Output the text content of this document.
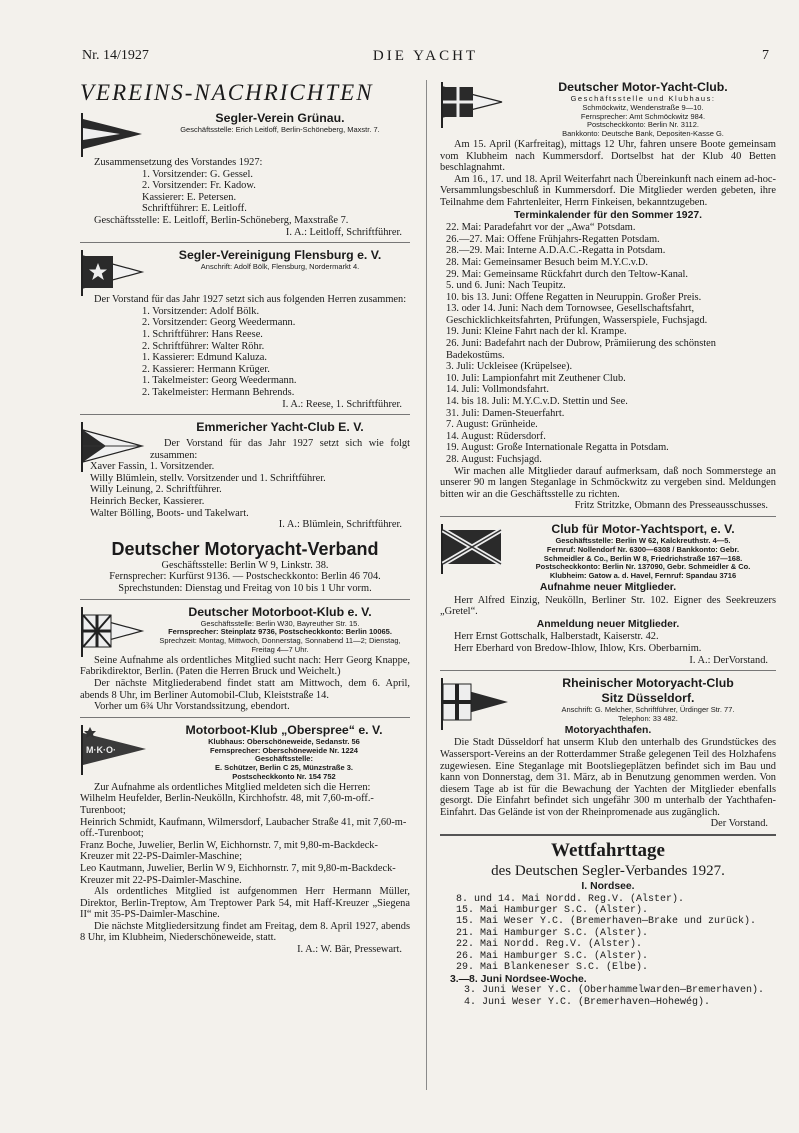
Nr. 14/1927	DIE YACHT	7
VEREINS-NACHRICHTEN
Segler-Verein Grünau.
Geschäftsstelle: Erich Leitloff, Berlin-Schöneberg, Maxstr. 7.

Zusammensetzung des Vorstandes 1927:

1. Vorsitzender: G. Gessel.
2. Vorsitzender: Fr. Kadow.
Kassierer: E. Petersen.
Schriftführer: E. Leitloff.

Geschäftsstelle: E. Leitloff, Berlin-Schöneberg, Maxstraße 7.

I. A.: Leitloff, Schriftführer.

Segler-Vereinigung Flensburg e. V.
Anschrift: Adolf Bölk, Flensburg, Nordermarkt 4.

Der Vorstand für das Jahr 1927 setzt sich aus folgenden Herren zusammen:

1. Vorsitzender: Adolf Bölk.
2. Vorsitzender: Georg Weedermann.
1. Schriftführer: Hans Reese.
2. Schriftführer: Walter Röhr.
1. Kassierer: Edmund Kaluza.
2. Kassierer: Hermann Krüger.
1. Takelmeister: Georg Weedermann.
2. Takelmeister: Hermann Behrends.

I. A.: Reese, 1. Schriftführer.

Emmericher Yacht-Club E. V.

Der Vorstand für das Jahr 1927 setzt sich wie folgt zusammen:

Xaver Fassin, 1. Vorsitzender.
Willy Blümlein, stellv. Vorsitzender und 1. Schriftführer.
Willy Leinung, 2. Schriftführer.
Heinrich Becker, Kassierer.
Walter Bölling, Boots- und Takelwart.

I. A.: Blümlein, Schriftführer.

Deutscher Motoryacht-Verband

Geschäftsstelle: Berlin W 9, Linkstr. 38.

Fernsprecher: Kurfürst 9136. — Postscheckkonto: Berlin 46 704.

Sprechstunden: Dienstag und Freitag von 10 bis 1 Uhr vorm.

Deutscher Motorboot-Klub e. V.
Geschäftsstelle: Berlin W30, Bayreuther Str. 15.
Fernsprecher: Steinplatz 9736, Postscheckkonto: Berlin 10065.
Sprechzeit: Montag, Mittwoch, Donnerstag, Sonnabend 11—2; Dienstag, Freitag 4—7 Uhr.

Seine Aufnahme als ordentliches Mitglied sucht nach: Herr Georg Knappe, Fabrikdirektor, Berlin. (Paten die Herren Bruck und Weichelt.)

Der nächste Mitgliederabend findet statt am Mittwoch, dem 6. April, abends 8 Uhr, im Berliner Automobil-Club, Kleiststraße 14.

Vorher um 6¾ Uhr Vorstandssitzung, ebendort.

M·K·O·
Motorboot-Klub „Oberspree“ e. V.
Klubhaus: Oberschöneweide, Sedanstr. 56
Fernsprecher: Oberschöneweide Nr. 1224
Geschäftsstelle:
E. Schützer, Berlin C 25, Münzstraße 3.
Postscheckkonto Nr. 154 752

Zur Aufnahme als ordentliches Mitglied meldeten sich die Herren:

Wilhelm Heufelder, Berlin-Neukölln, Kirchhofstr. 48, mit 7,60-m-off.-Turenboot;
Heinrich Schmidt, Kaufmann, Wilmersdorf, Laubacher Straße 41, mit 7,60-m-off.-Turenboot;
Franz Boche, Juwelier, Berlin W, Eichhornstr. 7, mit 9,80-m-Backdeck-Kreuzer mit 22-PS-Daimler-Maschine;
Leo Kautmann, Juwelier, Berlin W 9, Eichhornstr. 7, mit 9,80-m-Backdeck-Kreuzer mit 22-PS-Daimler-Maschine.

Als ordentliches Mitglied ist aufgenommen Herr Hermann Müller, Direktor, Berlin-Treptow, Am Treptower Park 54, mit Haff-Kreuzer „Siegena II“ mit 35-PS-Daimler-Maschine.

Die nächste Mitgliedersitzung findet am Freitag, dem 8. April 1927, abends 8 Uhr, im Klubheim, Niederschöneweide, statt.

I. A.: W. Bär, Pressewart.

Deutscher Motor-Yacht-Club.
Geschäftsstelle und Klubhaus:
Schmöckwitz, Wendenstraße 9—10.
Fernsprecher: Amt Schmöckwitz 984.
Postscheckkonto: Berlin Nr. 3112.
Bankkonto: Deutsche Bank, Depositen-Kasse G.

Am 15. April (Karfreitag), mittags 12 Uhr, fahren unsere Boote gemeinsam vom Klubheim nach Kummersdorf. Dortselbst hat der Klub 40 Betten beschlagnahmt.

Am 16., 17. und 18. April Weiterfahrt nach Übereinkunft nach einem ad-hoc-Versammlungsbeschluß in Kummersdorf. Die Mitglieder werden gebeten, ihre Teilnahme dem Fahrtenleiter, Herrn Finkeisen, bekanntzugeben.

Terminkalender für den Sommer 1927.
22. Mai: Paradefahrt vor der „Awa“ Potsdam.
26.—27. Mai: Offene Frühjahrs-Regatten Potsdam.
28.—29. Mai: Interne A.D.A.C.-Regatta in Potsdam.
28. Mai: Gemeinsamer Besuch beim M.Y.C.v.D.
29. Mai: Gemeinsame Rückfahrt durch den Teltow-Kanal.
5. und 6. Juni: Nach Teupitz.
10. bis 13. Juni: Offene Regatten in Neuruppin. Großer Preis.
13. oder 14. Juni: Nach dem Tornowsee, Gesellschaftsfahrt, Geschicklichkeitsfahrten, Prüfungen, Wasserspiele, Fuchsjagd.
19. Juni: Kleine Fahrt nach der kl. Krampe.
26. Juni: Badefahrt nach der Dubrow, Prämiierung des schönsten Badekostüms.
3. Juli: Uckleisee (Krüpelsee).
10. Juli: Lampionfahrt mit Zeuthener Club.
14. Juli: Vollmondsfahrt.
14. bis 18. Juli: M.Y.C.v.D. Stettin und See.
31. Juli: Damen-Steuerfahrt.
7. August: Grünheide.
14. August: Rüdersdorf.
19. August: Große Internationale Regatta in Potsdam.
28. August: Fuchsjagd.

Wir machen alle Mitglieder darauf aufmerksam, daß noch Sommerstege an unserer 90 m langen Steganlage in Schmöckwitz zu vergeben sind. Meldungen bitten wir an die Geschäftsstelle zu richten.

Fritz Stritzke, Obmann des Presseausschusses.

Club für Motor-Yachtsport, e. V.
Geschäftsstelle: Berlin W 62, Kalckreuthstr. 4—5.
Fernruf: Nollendorf Nr. 6300—6308 / Bankkonto: Gebr.
Schmeidler & Co., Berlin W 8, Friedrichstraße 167—168.
Postscheckkonto: Berlin Nr. 137090, Gebr. Schmeidler & Co.
Klubheim: Gatow a. d. Havel, Fernruf: Spandau 3716
Aufnahme neuer Mitglieder.

Herr Alfred Einzig, Neukölln, Berliner Str. 102. Eigner des Seekreuzers „Gretel“.

Anmeldung neuer Mitglieder.

Herr Ernst Gottschalk, Halberstadt, Kaiserstr. 42.

Herr Eberhard von Bredow-Ihlow, Ihlow, Krs. Oberbarnim.

I. A.: DerVorstand.

Rheinischer Motoryacht-Club
Sitz Düsseldorf.
Anschrift: G. Melcher, Schriftführer, Ürdinger Str. 77.
Telephon: 33 482.
Motoryachthafen.

Die Stadt Düsseldorf hat unserm Klub den unterhalb des Grundstückes des Wassersport-Vereins an der Rotterdammer Straße gelegenen Teil des Holzhafens zugewiesen. Eine Steganlage mit Bootsliegeplätzen befindet sich im Bau und kann von Donnerstag, dem 31. März, ab in Benutzung genommen werden. Von diesem Tage ab ist für die Bewachung der Yachten der Mitglieder ebenfalls gesorgt. Die Einfahrt befindet sich ungefähr 300 m unterhalb der Yachthafen-Einfahrt. Das Gelände ist von der Rheinpromenade aus zugänglich.

Der Vorstand.

Wettfahrttage
des Deutschen Segler-Verbandes 1927.
I. Nordsee.
8. und 14. Mai Nordd. Reg.V. (Alster).
15. Mai Hamburger S.C. (Alster).
15. Mai Weser Y.C. (Bremerhaven—Brake und zurück).
21. Mai Hamburger S.C. (Alster).
22. Mai Nordd. Reg.V. (Alster).
26. Mai Hamburger S.C. (Alster).
29. Mai Blankeneser S.C. (Elbe).
3.—8. Juni Nordsee-Woche.
3. Juni Weser Y.C. (Oberhammelwarden—Bremerhaven).
4. Juni Weser Y.C. (Bremerhaven—Hohewég).
